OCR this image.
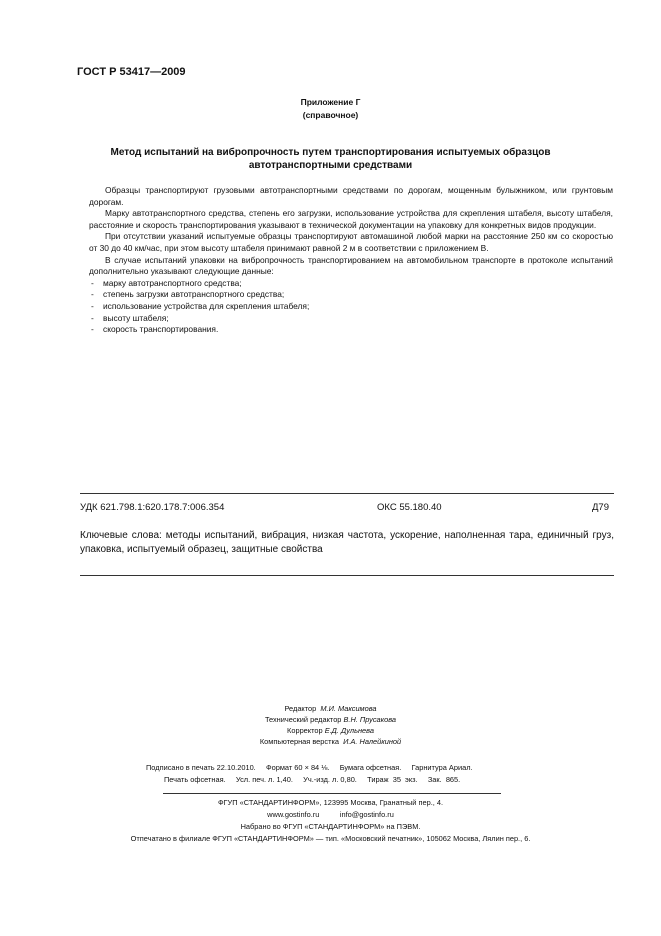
ГОСТ Р 53417—2009
Приложение Г
(справочное)
Метод испытаний на вибропрочность путем транспортирования испытуемых образцов
автотранспортными средствами

Образцы транспортируют грузовыми автотранспортными средствами по дорогам, мощенным булыжником, или грунтовым дорогам.

Марку автотранспортного средства, степень его загрузки, использование устройства для скрепления штабеля, высоту штабеля, расстояние и скорость транспортирования указывают в технической документации на упаковку для конкретных видов продукции.

При отсутствии указаний испытуемые образцы транспортируют автомашиной любой марки на расстояние 250 км со скоростью от 30 до 40 км/час, при этом высоту штабеля принимают равной 2 м в соответствии с приложением В.

В случае испытаний упаковки на вибропрочность транспортированием на автомобильном транспорте в протоколе испытаний дополнительно указывают следующие данные:

- марку автотранспортного средства;
- степень загрузки автотранспортного средства;
- использование устройства для скрепления штабеля;
- высоту штабеля;
- скорость транспортирования.
УДК 621.798.1:620.178.7:006.354	ОКС 55.180.40	Д79
Ключевые слова: методы испытаний, вибрация, низкая частота, ускорение, наполненная тара, единичный груз, упаковка, испытуемый образец, защитные свойства
Редактор М.И. Максимова
Технический редактор В.Н. Прусакова
Корректор Е.Д. Дульнева
Компьютерная верстка И.А. Налейкиной
Подписано в печать 22.10.2010.     Формат 60 × 84 ⅛.     Бумага офсетная.     Гарнитура Ариал.
Печать офсетная.     Усл. печ. л. 1,40.     Уч.-изд. л. 0,80.     Тираж  35  экз.     Зак.  865.
ФГУП «СТАНДАРТИНФОРМ», 123995 Москва, Гранатный пер., 4.
www.gostinfo.ru          info@gostinfo.ru
Набрано во ФГУП «СТАНДАРТИНФОРМ» на ПЭВМ.
Отпечатано в филиале ФГУП «СТАНДАРТИНФОРМ» — тип. «Московский печатник», 105062 Москва, Лялин пер., 6.
